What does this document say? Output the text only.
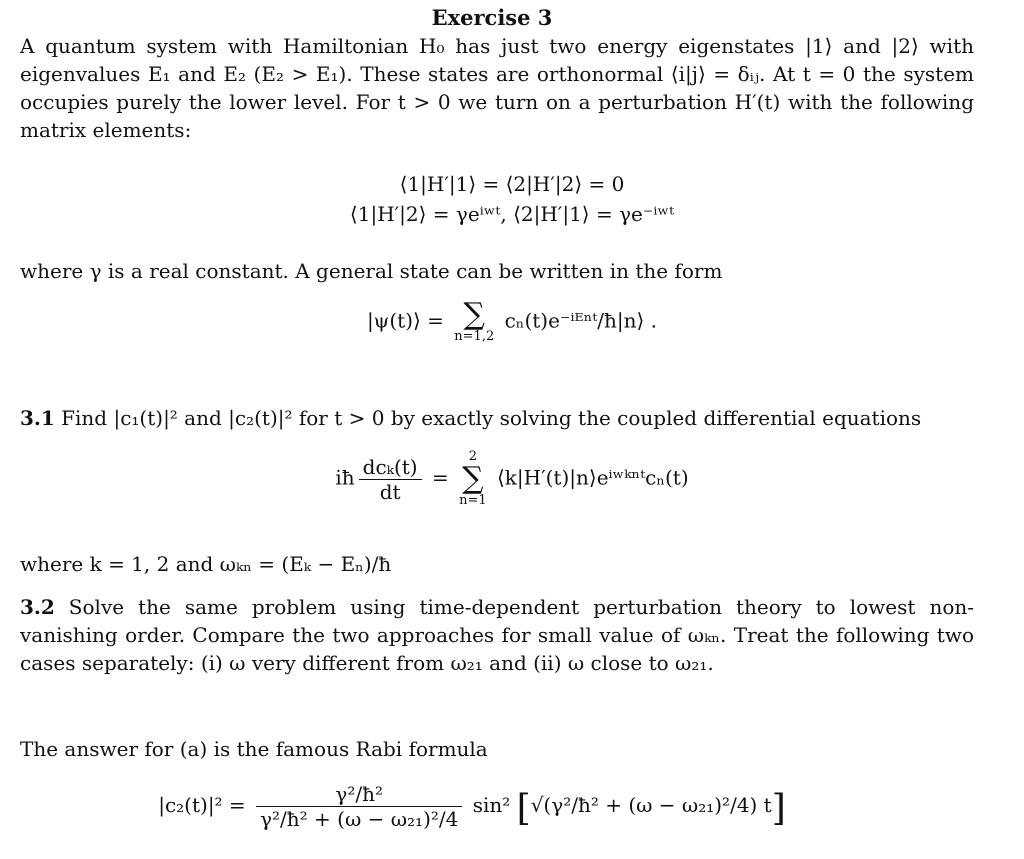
Exercise 3
A quantum system with Hamiltonian H₀ has just two energy eigenstates |1⟩ and |2⟩ with eigenvalues E₁ and E₂ (E₂ > E₁). These states are orthonormal ⟨i|j⟩ = δᵢⱼ. At t = 0 the system occupies purely the lower level. For t > 0 we turn on a perturbation H′(t) with the following matrix elements:
⟨1|H′|1⟩ = ⟨2|H′|2⟩ = 0
⟨1|H′|2⟩ = γeⁱʷᵗ, ⟨2|H′|1⟩ = γe⁻ⁱʷᵗ
where γ is a real constant. A general state can be written in the form
|ψ(t)⟩ = ∑
n=1,2
cₙ(t)e⁻ⁱᴱⁿᵗ/ħ|n⟩ .
3.1 Find |c₁(t)|² and |c₂(t)|² for t > 0 by exactly solving the coupled differential equations
iħ $\frac{\text{dcₖ(t)}}{dt}$ =
2
∑
n=1
⟨k|H′(t)|n⟩eⁱʷᵏⁿᵗcₙ(t)
where k = 1, 2 and ωₖₙ = (Eₖ − Eₙ)/ħ
3.2 Solve the same problem using time-dependent perturbation theory to lowest non-vanishing order. Compare the two approaches for small value of ωₖₙ. Treat the following two cases separately: (i) ω very different from ω₂₁ and (ii) ω close to ω₂₁.
The answer for (a) is the famous Rabi formula
$|c_2(t)|^2 = \frac{\text{γ²/ħ²}}{\text{γ²/ħ² + (ω − ω₂₁)²/4}} \sin^2$ [√(γ²/ħ² + (ω − ω₂₁)²/4) t]
